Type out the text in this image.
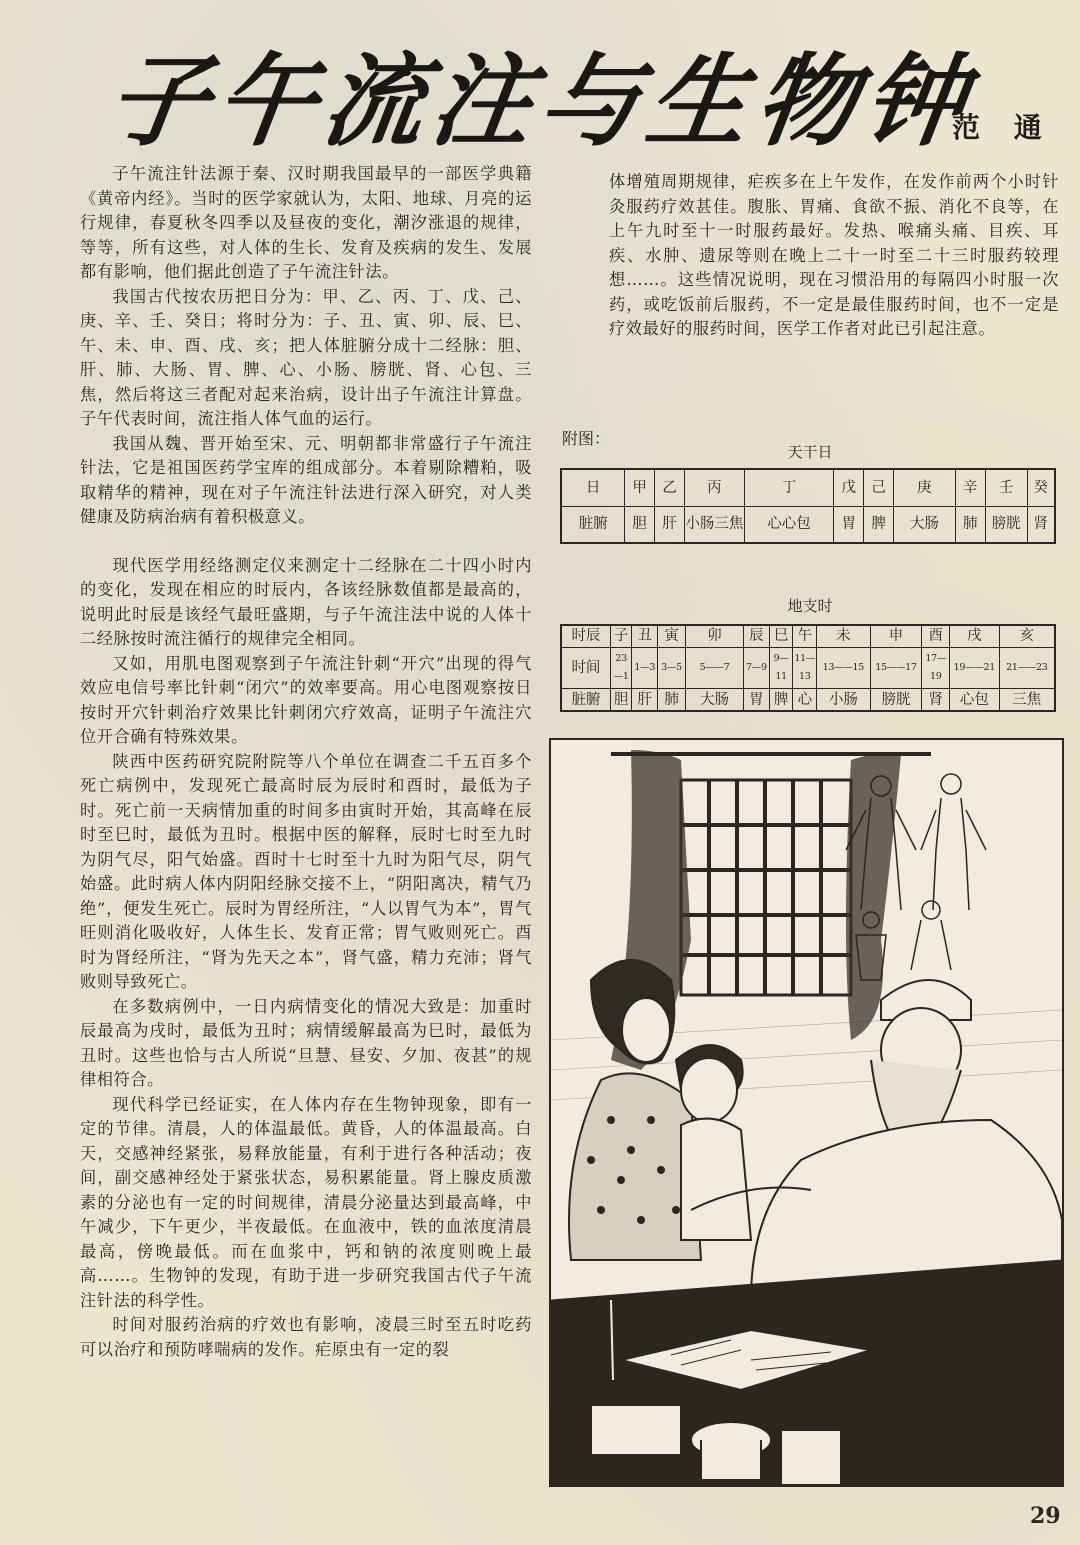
子午流注与生物钟
范 通

子午流注针法源于秦、汉时期我国最早的一部医学典籍《黄帝内经》。当时的医学家就认为，太阳、地球、月亮的运行规律，春夏秋冬四季以及昼夜的变化，潮汐涨退的规律，等等，所有这些，对人体的生长、发育及疾病的发生、发展都有影响，他们据此创造了子午流注针法。

我国古代按农历把日分为：甲、乙、丙、丁、戊、己、庚、辛、壬、癸日；将时分为：子、丑、寅、卯、辰、巳、午、未、申、酉、戌、亥；把人体脏腑分成十二经脉：胆、肝、肺、大肠、胃、脾、心、小肠、膀胱、肾、心包、三焦，然后将这三者配对起来治病，设计出子午流注计算盘。子午代表时间，流注指人体气血的运行。

我国从魏、晋开始至宋、元、明朝都非常盛行子午流注针法，它是祖国医药学宝库的组成部分。本着剔除糟粕，吸取精华的精神，现在对子午流注针法进行深入研究，对人类健康及防病治病有着积极意义。

现代医学用经络测定仪来测定十二经脉在二十四小时内的变化，发现在相应的时辰内，各该经脉数值都是最高的，说明此时辰是该经气最旺盛期，与子午流注法中说的人体十二经脉按时流注循行的规律完全相同。

又如，用肌电图观察到子午流注针刺“开穴”出现的得气效应电信号率比针刺“闭穴”的效率要高。用心电图观察按日按时开穴针刺治疗效果比针刺闭穴疗效高，证明子午流注穴位开合确有特殊效果。

陕西中医药研究院附院等八个单位在调查二千五百多个死亡病例中，发现死亡最高时辰为辰时和酉时，最低为子时。死亡前一天病情加重的时间多由寅时开始，其高峰在辰时至巳时，最低为丑时。根据中医的解释，辰时七时至九时为阴气尽，阳气始盛。酉时十七时至十九时为阳气尽，阴气始盛。此时病人体内阴阳经脉交接不上，“阴阳离决，精气乃绝”，便发生死亡。辰时为胃经所注，“人以胃气为本”，胃气旺则消化吸收好，人体生长、发育正常；胃气败则死亡。酉时为肾经所注，“肾为先天之本”，肾气盛，精力充沛；肾气败则导致死亡。

在多数病例中，一日内病情变化的情况大致是：加重时辰最高为戌时，最低为丑时；病情缓解最高为巳时，最低为丑时。这些也恰与古人所说“旦慧、昼安、夕加、夜甚”的规律相符合。

现代科学已经证实，在人体内存在生物钟现象，即有一定的节律。清晨，人的体温最低。黄昏，人的体温最高。白天，交感神经紧张，易释放能量，有利于进行各种活动；夜间，副交感神经处于紧张状态，易积累能量。肾上腺皮质激素的分泌也有一定的时间规律，清晨分泌量达到最高峰，中午减少，下午更少，半夜最低。在血液中，铁的血浓度清晨最高，傍晚最低。而在血浆中，钙和钠的浓度则晚上最高……。生物钟的发现，有助于进一步研究我国古代子午流注针法的科学性。

时间对服药治病的疗效也有影响，凌晨三时至五时吃药可以治疗和预防哮喘病的发作。疟原虫有一定的裂

体增殖周期规律，疟疾多在上午发作，在发作前两个小时针灸服药疗效甚佳。腹胀、胃痛、食欲不振、消化不良等，在上午九时至十一时服药最好。发热、喉痛头痛、目疾、耳疾、水肿、遗尿等则在晚上二十一时至二十三时服药较理想……。这些情况说明，现在习惯沿用的每隔四小时服一次药，或吃饭前后服药，不一定是最佳服药时间，也不一定是疗效最好的服药时间，医学工作者对此已引起注意。

附图：
天干日
日	甲	乙	丙	丁	戊	己	庚	辛	壬	癸
脏腑	胆	肝	小肠三焦	心心包	胃	脾	大肠	肺	膀胱	肾
地支时
时辰	子	丑	寅	卯	辰	巳	午	未	申	酉	戌	亥
时间	23—1	1—3	3—5	5——7	7—9	9—11	11—13	13——15	15——17	17—19	19——21	21——23
脏腑	胆	肝	肺	大肠	胃	脾	心	小肠	膀胱	肾	心包	三焦
29
